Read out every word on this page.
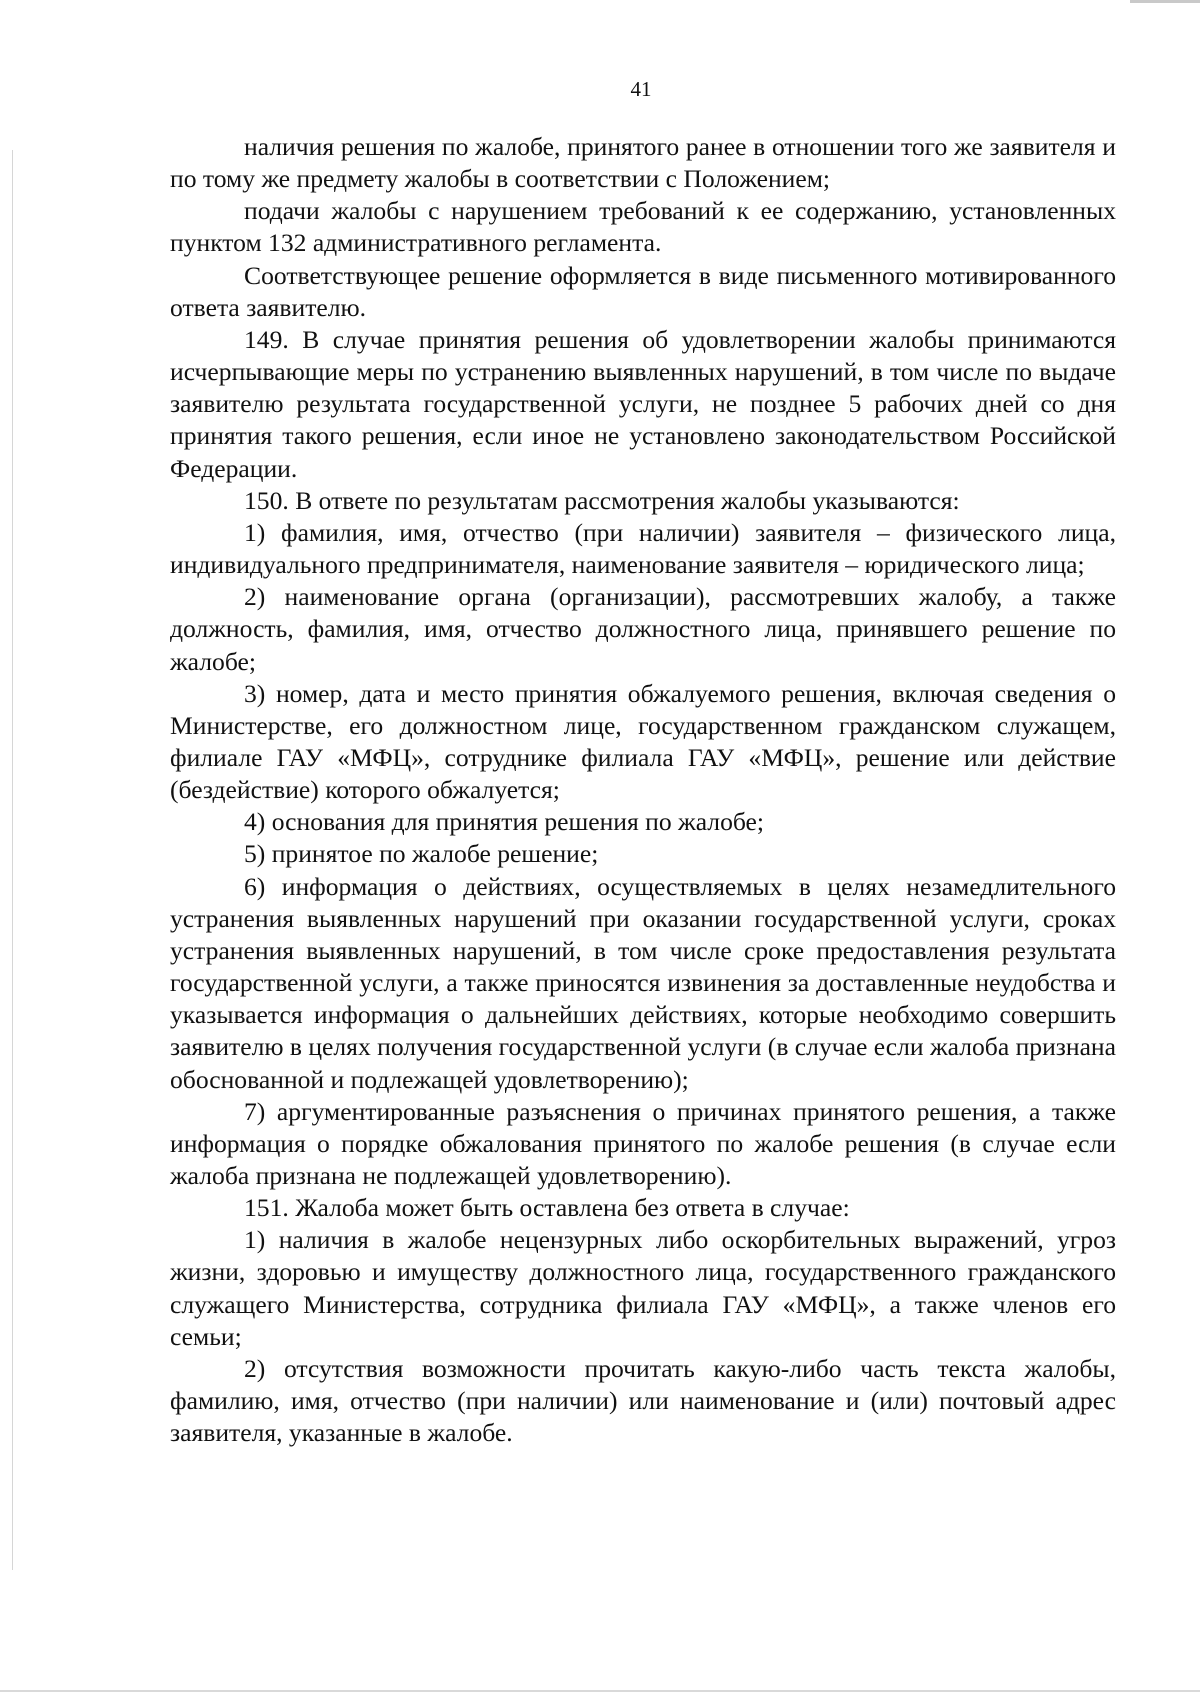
41

наличия решения по жалобе, принятого ранее в отношении того же заявителя и по тому же предмету жалобы в соответствии с Положением;

подачи жалобы с нарушением требований к ее содержанию, установленных пунктом 132 административного регламента.

Соответствующее решение оформляется в виде письменного мотивированного ответа заявителю.

149. В случае принятия решения об удовлетворении жалобы принимаются исчерпывающие меры по устранению выявленных нарушений, в том числе по выдаче заявителю результата государственной услуги, не позднее 5 рабочих дней со дня принятия такого решения, если иное не установлено законодательством Российской Федерации.

150. В ответе по результатам рассмотрения жалобы указываются:

1) фамилия, имя, отчество (при наличии) заявителя – физического лица, индивидуального предпринимателя, наименование заявителя – юридического лица;

2) наименование органа (организации), рассмотревших жалобу, а также должность, фамилия, имя, отчество должностного лица, принявшего решение по жалобе;

3) номер, дата и место принятия обжалуемого решения, включая сведения о Министерстве, его должностном лице, государственном гражданском служащем, филиале ГАУ «МФЦ», сотруднике филиала ГАУ «МФЦ», решение или действие (бездействие) которого обжалуется;

4) основания для принятия решения по жалобе;

5) принятое по жалобе решение;

6) информация о действиях, осуществляемых в целях незамедлительного устранения выявленных нарушений при оказании государственной услуги, сроках устранения выявленных нарушений, в том числе сроке предоставления результата государственной услуги, а также приносятся извинения за доставленные неудобства и указывается информация о дальнейших действиях, которые необходимо совершить заявителю в целях получения государственной услуги (в случае если жалоба признана обоснованной и подлежащей удовлетворению);

7) аргументированные разъяснения о причинах принятого решения, а также информация о порядке обжалования принятого по жалобе решения (в случае если жалоба признана не подлежащей удовлетворению).

151. Жалоба может быть оставлена без ответа в случае:

1) наличия в жалобе нецензурных либо оскорбительных выражений, угроз жизни, здоровью и имуществу должностного лица, государственного гражданского служащего Министерства, сотрудника филиала ГАУ «МФЦ», а также членов его семьи;

2) отсутствия возможности прочитать какую-либо часть текста жалобы, фамилию, имя, отчество (при наличии) или наименование и (или) почтовый адрес заявителя, указанные в жалобе.
